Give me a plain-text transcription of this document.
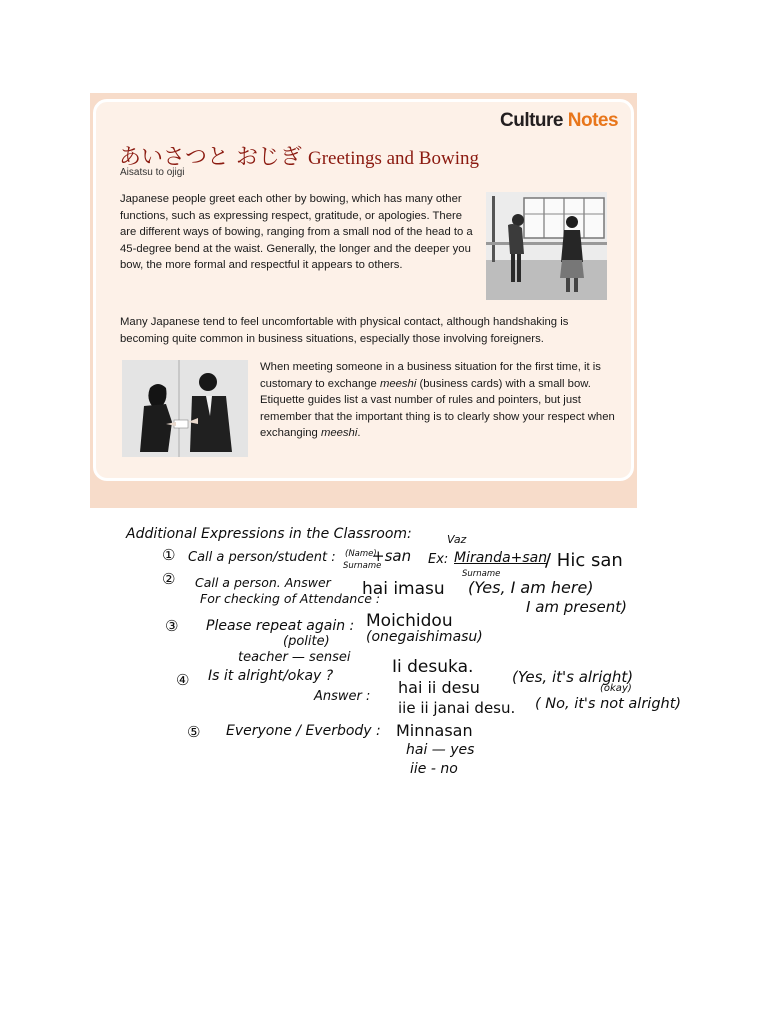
Culture Notes
あいさつと おじぎ Greetings and Bowing
Aisatsu to ojigi

Japanese people greet each other by bowing, which has many other functions, such as expressing respect, gratitude, or apologies. There are different ways of bowing, ranging from a small nod of the head to a 45-degree bend at the waist. Generally, the longer and the deeper you bow, the more formal and respectful it appears to others.

Many Japanese tend to feel uncomfortable with physical contact, although handshaking is becoming quite common in business situations, especially those involving foreigners.

When meeting someone in a business situation for the first time, it is customary to exchange meeshi (business cards) with a small bow. Etiquette guides list a vast number of rules and pointers, but just remember that the important thing is to clearly show your respect when exchanging meeshi.

Additional Expressions in the Classroom:
① Call a person/student : (Name)
Surname
+san Ex:
Vaz
Miranda+san
Surname
/ Hic san
② Call a person. Answer
For checking of Attendance :
hai imasu (Yes, I am here)
I am present)
③ Please repeat again : Moichidou
(polite)	(onegaishimasu)
teacher — sensei
④ Is it alright/okay ?	Ii desuka.
Answer : hai ii desu
(Yes, it's alright)
(okay)
iie ii janai desu. ( No, it's not alright)
⑤ Everyone / Everbody : Minnasan
hai — yes
iie - no
